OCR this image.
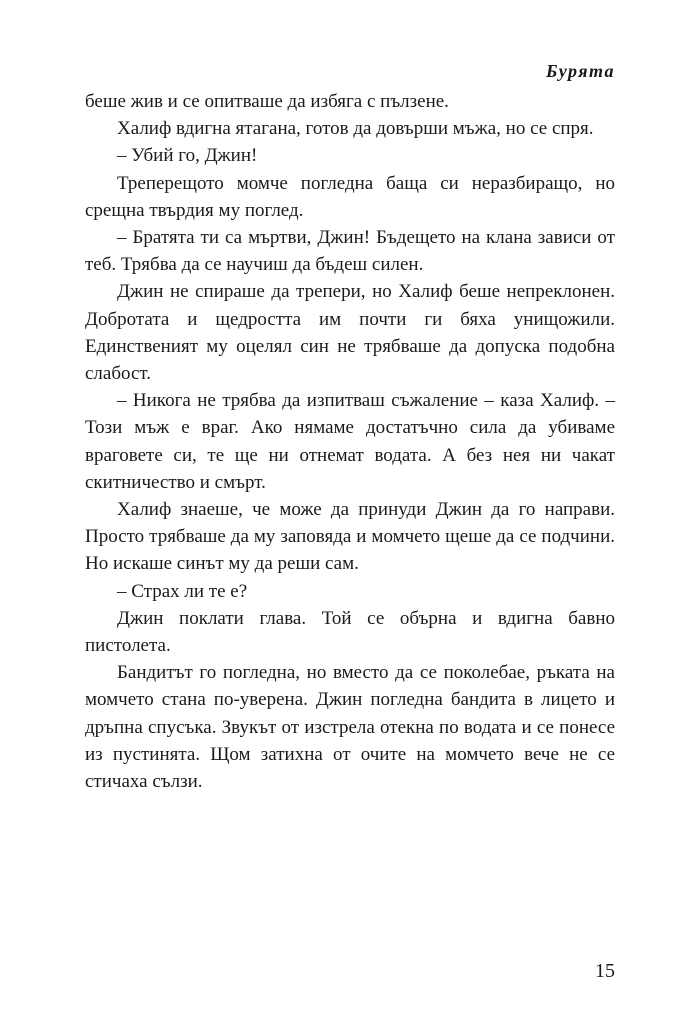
Бурята

беше жив и се опитваше да избяга с пълзене.

Халиф вдигна ятагана, готов да довърши мъжа, но се спря.

– Убий го, Джин!

Треперещото момче погледна баща си неразбиращо, но срещна твърдия му поглед.

– Братята ти са мъртви, Джин! Бъдещето на клана зависи от теб. Трябва да се научиш да бъдеш силен.

Джин не спираше да трепери, но Халиф беше непреклонен. Добротата и щедростта им почти ги бяха унищожили. Единственият му оцелял син не трябваше да допуска подобна слабост.

– Никога не трябва да изпитваш съжаление – каза Халиф. – Този мъж е враг. Ако нямаме достатъчно сила да убиваме враговете си, те ще ни отнемат водата. А без нея ни чакат скитничество и смърт.

Халиф знаеше, че може да принуди Джин да го направи. Просто трябваше да му заповяда и момчето щеше да се подчини. Но искаше синът му да реши сам.

– Страх ли те е?

Джин поклати глава. Той се обърна и вдигна бавно пистолета.

Бандитът го погледна, но вместо да се поколебае, ръката на момчето стана по-уверена. Джин погледна бандита в лицето и дръпна спусъка. Звукът от изстрела отекна по водата и се понесе из пустинята. Щом затихна от очите на момчето вече не се стичаха сълзи.

15
